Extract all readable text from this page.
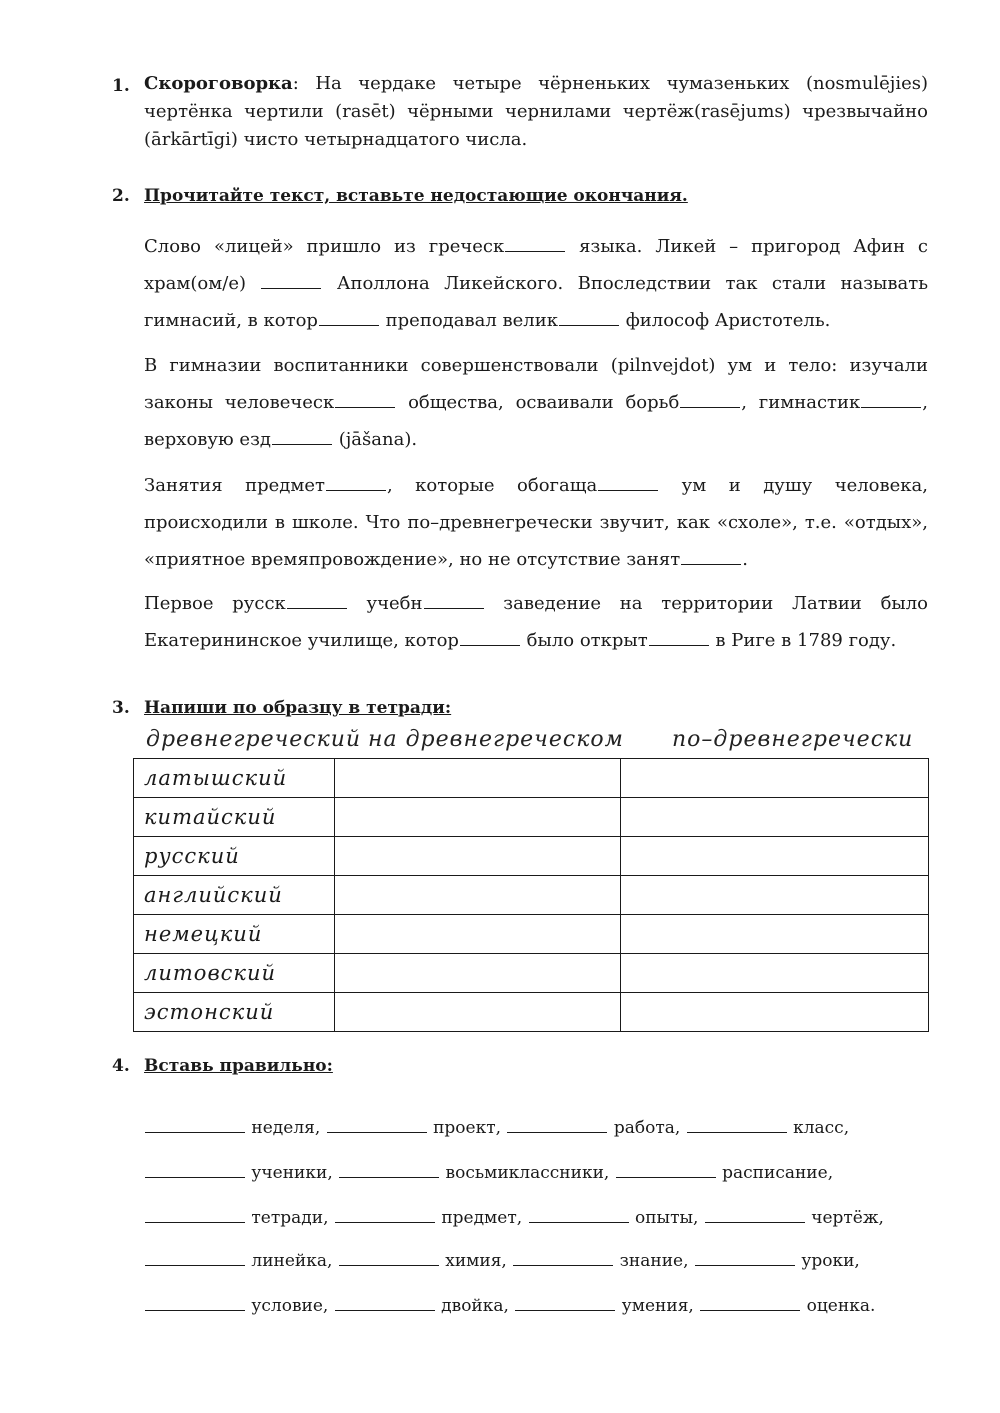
1. Скороговорка: На чердаке четыре чёрненьких чумазеньких (nosmulējies) чертёнка чертили (rasēt) чёрными чернилами чертёж(rasējums) чрезвычайно (ārkārtīgi) чисто четырнадцатого числа.
2. Прочитайте текст, вставьте недостающие окончания.
Слово «лицей» пришло из греческ	языка. Ликей – пригород Афин с храм(ом/е)	Аполлона Ликейского. Впоследствии так стали называть гимнасий, в котор	преподавал велик	философ Аристотель.
В гимназии воспитанники совершенствовали (pilnvejdot) ум и тело: изучали законы человеческ	общества, осваивали борьб	, гимнастик	, верховую езд	(jāšana).
Занятия предмет	, которые обогаща	ум и душу человека, происходили в школе. Что по–древнегречески звучит, как «схоле», т.е. «отдых», «приятное времяпровождение», но не отсутствие занят	.
Первое русск	учебн	заведение на территории Латвии было Екатерининское училище, котор	было открыт	в Риге в 1789 году.
3. Напиши по образцу в тетради:
древнегреческий на древнегреческом по–древнегречески
латышский		
китайский		
русский		
английский		
немецкий		
литовский		
эстонский		
4. Вставь правильно:
неделя,	проект,	работа,	класс,
ученики,	восьмиклассники,	расписание,
тетради,	предмет,	опыты,	чертёж,
линейка,	химия,	знание,	уроки,
условие,	двойка,	умения,	оценка.
